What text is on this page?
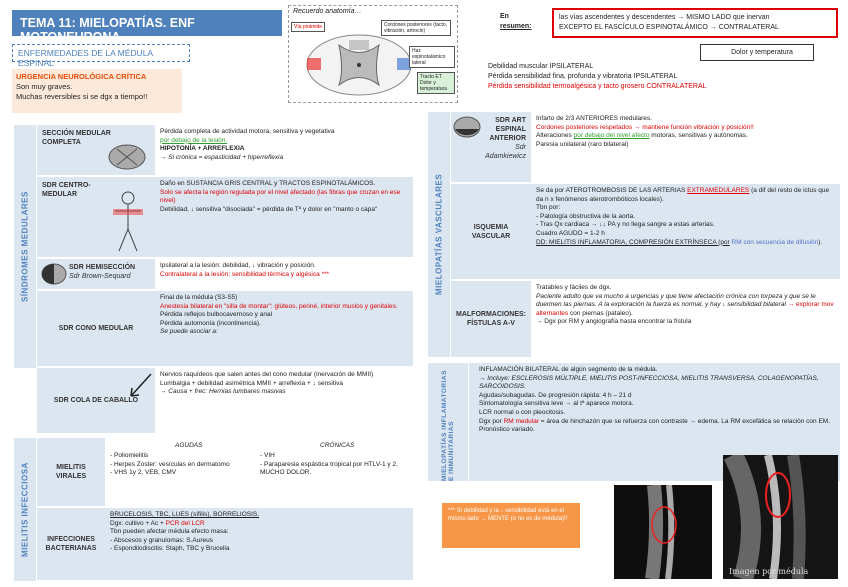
TEMA 11: MIELOPATÍAS. ENF MOTONEURONA
ENFERMEDADES DE LA MÉDULA ESPINAL
URGENCIA NEUROLÓGICA CRÍTICA
Son muy graves.
Muchas reversibles si se dgx a tiempo!!
Recuerdo anatomía…
Vía pirámide	Cordones posteriores (tacto, vibración, artrocin)
Haz espinotalámico lateral
Tracto ET Dolor y temperatura
En
resumen:
las vías ascendentes y descendentes → MISMO LADO que inervan
EXCEPTO EL FASCÍCULO ESPINOTALÁMICO → CONTRALATERAL
Dolor y temperatura
Debilidad muscular IPSILATERAL
Pérdida sensibilidad fina, profunda y vibratoria IPSILATERAL
Pérdida sensibilidad termoalgésica y tacto grosero CONTRALATERAL
SÍNDROMES MEDULARES
SECCIÓN MEDULAR COMPLETA
Pérdida completa de actividad motora, sensitiva y vegetativa
por debajo de la lesión.
HIPOTONÍA + ARREFLEXIA
→ Si crónica = espasticidad + hiperreflexia
SDR CENTRO-MEDULAR
Daño en SUSTANCIA GRIS CENTRAL y TRACTOS ESPINOTALÁMICOS.
Solo se afecta la región regulada por el nivel afectado (las fibras que cruzan en ese nivel)
Debilidad, ↓ sensitiva "disociada" = pérdida de Tª y dolor en "manto o capa"
SDR HEMISECCIÓN
Sdr Brown-Sequard
Ipsilateral a la lesión: debilidad, ↓ vibración y posición.
Contralateral a la lesión: sensibilidad térmica y algésica ***
SDR CONO MEDULAR
Final de la médula (S3-S5)
Anestesia bilateral en "silla de montar": glúteos, periné, interior muslos y genitales.
Pérdida reflejos bulbocavernoso y anal
Pérdida automonía (incontinencia).
Se puede asociar a:
SDR COLA DE CABALLO
Nervios raquídeos que salen antes del cono medular (inervación de MMII)
Lumbalgia + debilidad asimétrica MMII + arreflexia + ↓ sensitiva
→ Causa + frec: Hernias lumbares masivas
MIELITIS INFECCIOSA	MIELITIS VIRALES
AGUDAS	CRÓNICAS
- Poliomielitis
- Herpes Zoster: vesículas en dermatomo
- VHS 1y 2, VEB, CMV
- VIH
- Paraparesia espástica tropical por HTLV-1 y 2. MUCHO DOLOR.
INFECCIONES BACTERIANAS
BRUCELOSIS, TBC, LUES (sífilis), BORRELIOSIS.
Dgx: cultivo + Ac + PCR del LCR
Tbn pueden afectar médula efecto masa:
- Abscesos y granulomas: S.Aureus
- Espondilodiscitis: Staph, TBC y Brucella
MIELOPATÍAS VASCULARES
SDR ART ESPINAL ANTERIOR
Sdr Adamkiewicz
Infarto de 2/3 ANTERIORES medulares.
Cordones posteriores respetados → mantiene función vibración y posición!!
Alteraciones por debajo del nivel afecto motoras, sensitivas y autónomas.
Paresia unilateral (raro bilateral)
ISQUEMIA VASCULAR
Se da por ATEROTROMBOSIS DE LAS ARTERIAS EXTRAMEDULARES (a dif del resto de ictus que da n x fenómenos aterotrombóticos locales).
Tbn por:
- Patología obstructiva de la aorta.
- Tras Qx cardiaca → ↓↓ PA y no llega sangre a estas arterias.
Cuadro AGUDO = 1-2 h
DD: MIELITIS INFLAMATORIA, COMPRESIÓN EXTRÍNSECA (por RM con secuencia de difusión).
MALFORMACIONES: FÍSTULAS A-V
Tratables y fáciles de dgx.
Paciente adulto que va mucho a urgencias y que tiene afectación crónica con torpeza y que se le duermen las piernas. A la exploración la fuerza es normal, y hay ↓ sensibilidad bilateral → explorar mov alternantes con piernas (pataleo).
→ Dgx por RM y angiografía hasta encontrar la fístula
MIELOPATÍAS INFLAMATORIAS E INMUNITARIAS
INFLAMACIÓN BILATERAL de algún segmento de la médula.
→ Incluye: ESCLEROSIS MÚLTIPLE, MIELITIS POST-INFECCIOSA, MIELITIS TRANSVERSA, COLAGENOPATÍAS, SARCOIDOSIS.
Agudas/subagudas. De progresión rápida: 4 h – 21 d
Sintomatología sensitiva leve → al tª aparece motora.
LCR normal o con pleocitosis.
Dgx por RM medular = área de hinchazón que se refuerza con contraste → edema. La RM excefálica se relación con EM.
Pronóstico variado.
*** Si debilidad y la ↓ sensibilidad está en el mismo lado → MENTE (o no es de médula)!!
Imagen por médula
